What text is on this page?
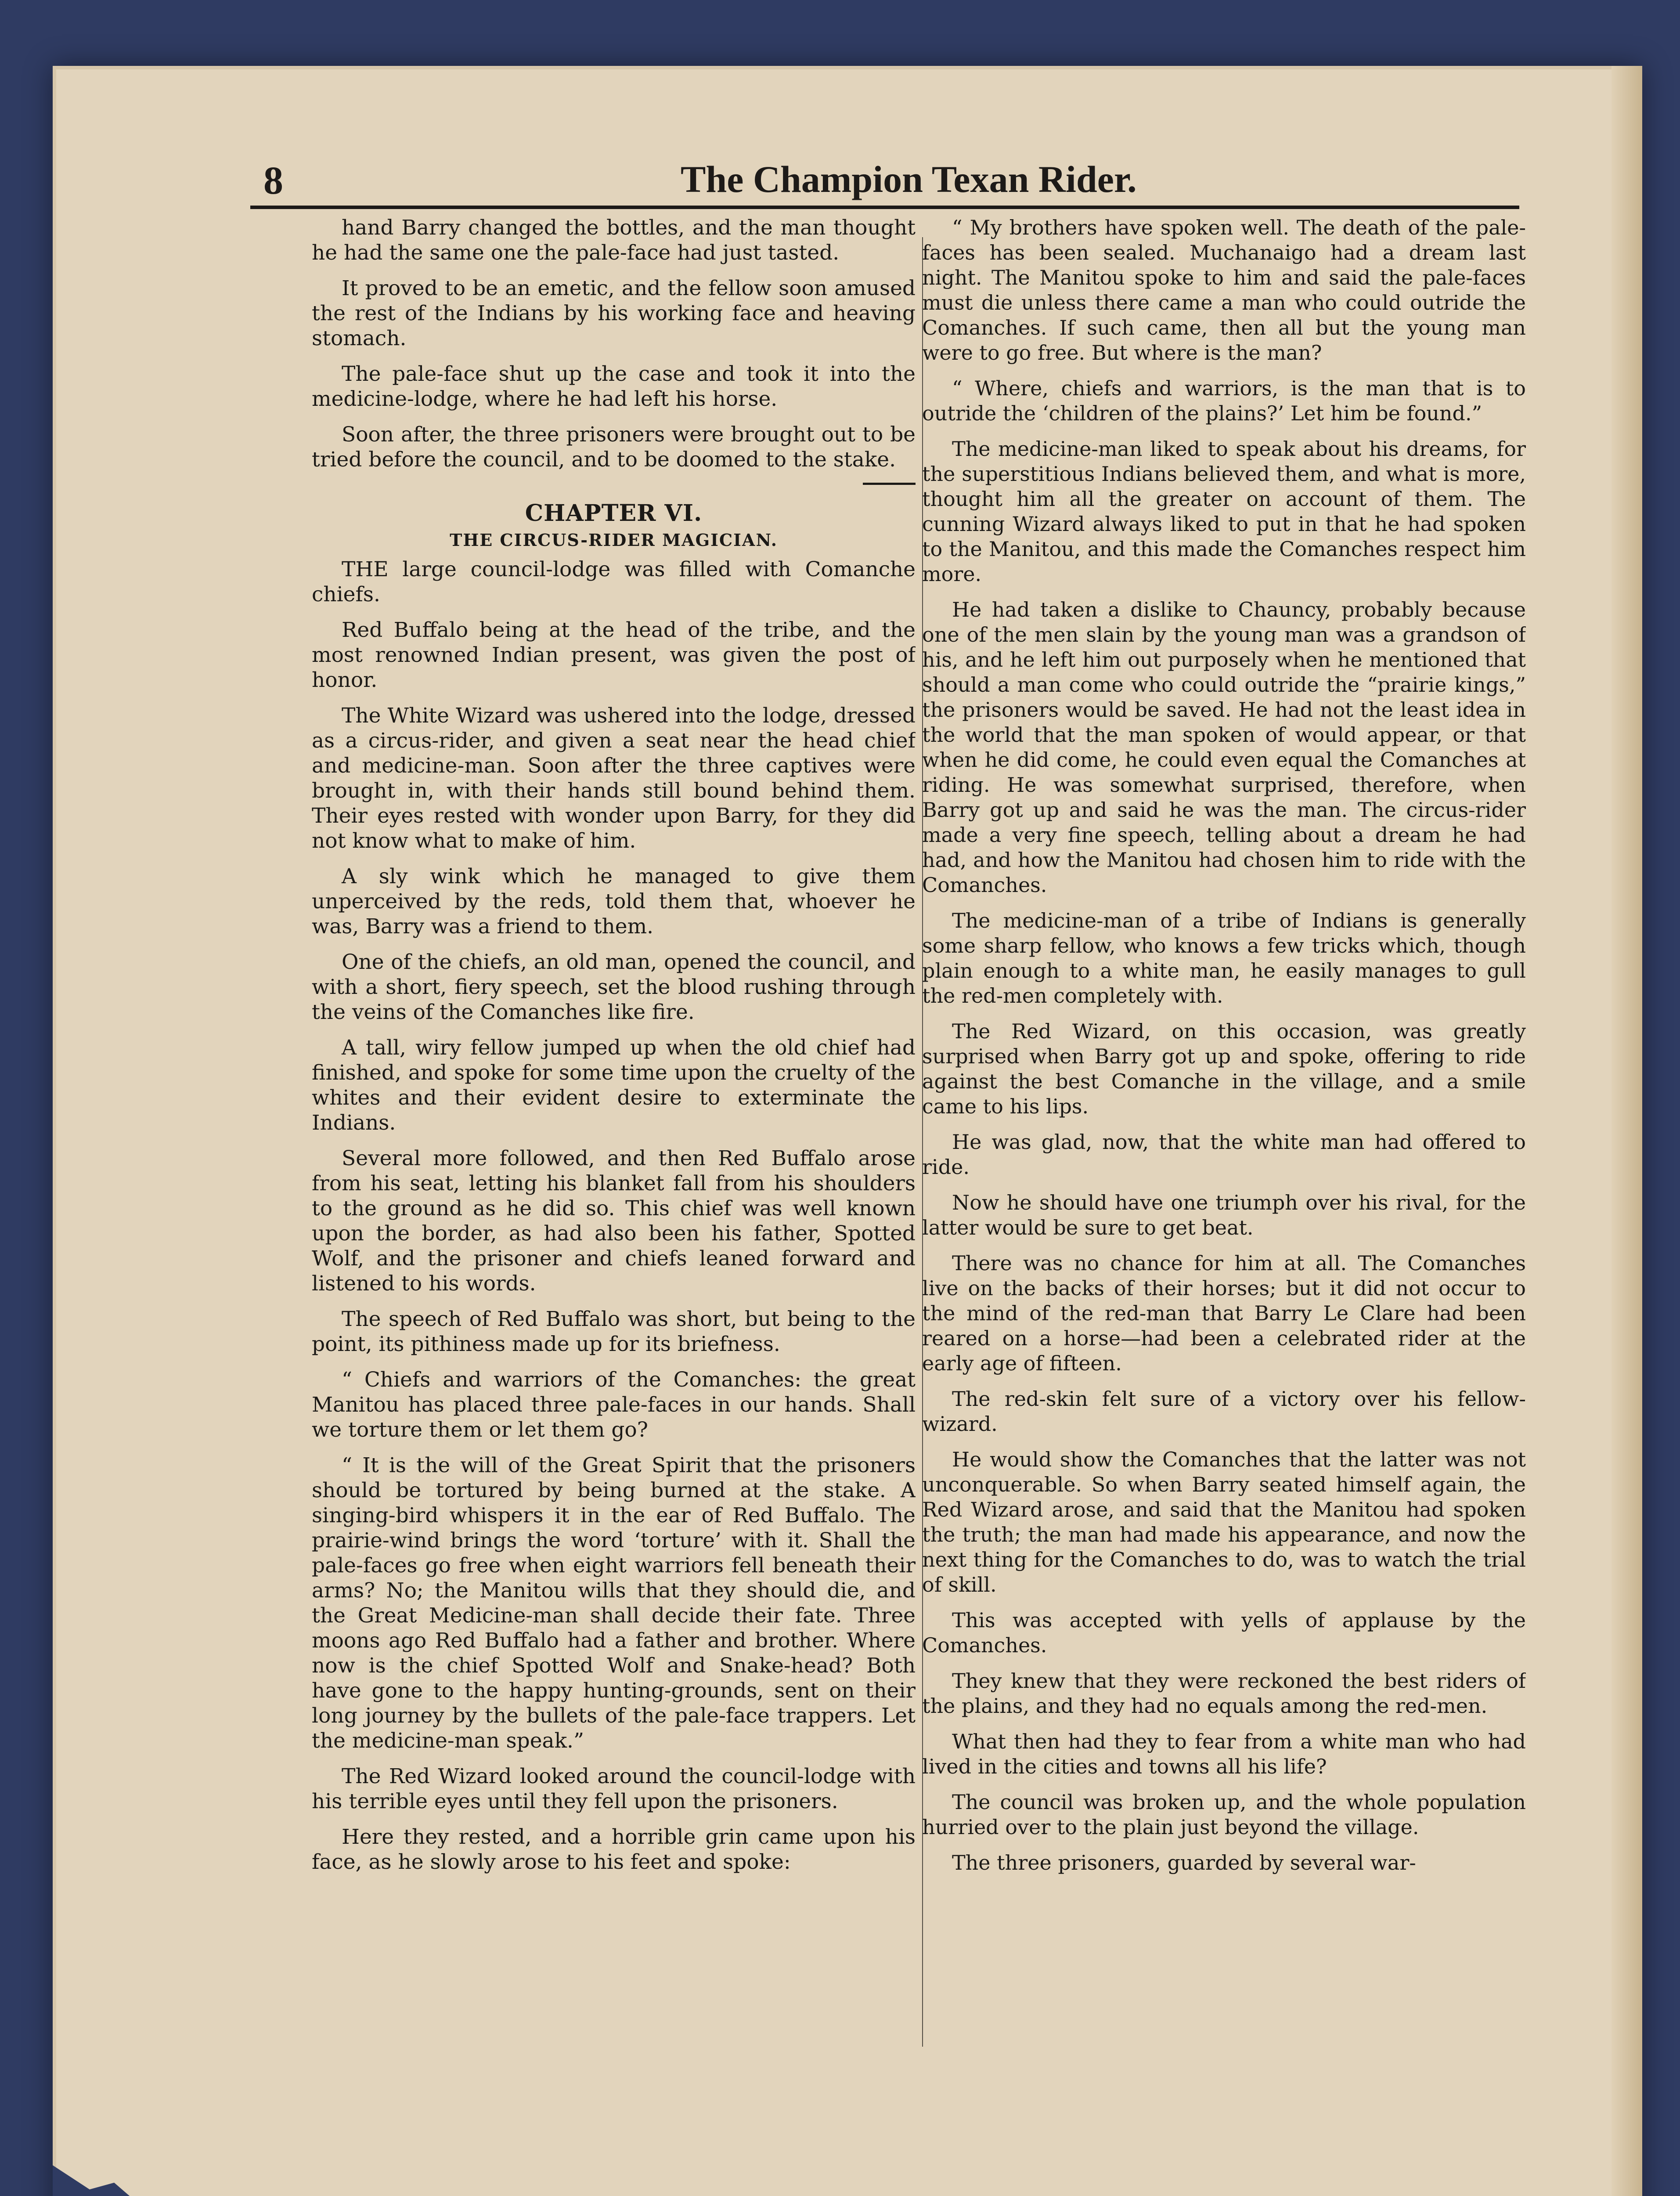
8	The Champion Texan Rider.

hand Barry changed the bottles, and the man thought he had the same one the pale-face had just tasted.

It proved to be an emetic, and the fellow soon amused the rest of the Indians by his working face and heaving stomach.

The pale-face shut up the case and took it into the medicine-lodge, where he had left his horse.

Soon after, the three prisoners were brought out to be tried before the council, and to be doomed to the stake.

CHAPTER VI.
THE CIRCUS-RIDER MAGICIAN.

THE large council-lodge was filled with Comanche chiefs.

Red Buffalo being at the head of the tribe, and the most renowned Indian present, was given the post of honor.

The White Wizard was ushered into the lodge, dressed as a circus-rider, and given a seat near the head chief and medicine-man. Soon after the three captives were brought in, with their hands still bound behind them. Their eyes rested with wonder upon Barry, for they did not know what to make of him.

A sly wink which he managed to give them unperceived by the reds, told them that, whoever he was, Barry was a friend to them.

One of the chiefs, an old man, opened the council, and with a short, fiery speech, set the blood rushing through the veins of the Comanches like fire.

A tall, wiry fellow jumped up when the old chief had finished, and spoke for some time upon the cruelty of the whites and their evident desire to exterminate the Indians.

Several more followed, and then Red Buffalo arose from his seat, letting his blanket fall from his shoulders to the ground as he did so. This chief was well known upon the border, as had also been his father, Spotted Wolf, and the prisoner and chiefs leaned forward and listened to his words.

The speech of Red Buffalo was short, but being to the point, its pithiness made up for its briefness.

“ Chiefs and warriors of the Comanches: the great Manitou has placed three pale-faces in our hands. Shall we torture them or let them go?

“ It is the will of the Great Spirit that the prisoners should be tortured by being burned at the stake. A singing-bird whispers it in the ear of Red Buffalo. The prairie-wind brings the word ‘torture’ with it. Shall the pale-faces go free when eight warriors fell beneath their arms? No; the Manitou wills that they should die, and the Great Medicine-man shall decide their fate. Three moons ago Red Buffalo had a father and brother. Where now is the chief Spotted Wolf and Snake-head? Both have gone to the happy hunting-grounds, sent on their long journey by the bullets of the pale-face trappers. Let the medicine-man speak.”

The Red Wizard looked around the council-lodge with his terrible eyes until they fell upon the prisoners.

Here they rested, and a horrible grin came upon his face, as he slowly arose to his feet and spoke:

“ My brothers have spoken well. The death of the pale-faces has been sealed. Muchanaigo had a dream last night. The Manitou spoke to him and said the pale-faces must die unless there came a man who could outride the Comanches. If such came, then all but the young man were to go free. But where is the man?

“ Where, chiefs and warriors, is the man that is to outride the ‘children of the plains?’ Let him be found.”

The medicine-man liked to speak about his dreams, for the superstitious Indians believed them, and what is more, thought him all the greater on account of them. The cunning Wizard always liked to put in that he had spoken to the Manitou, and this made the Comanches respect him more.

He had taken a dislike to Chauncy, probably because one of the men slain by the young man was a grandson of his, and he left him out purposely when he mentioned that should a man come who could outride the “prairie kings,” the prisoners would be saved. He had not the least idea in the world that the man spoken of would appear, or that when he did come, he could even equal the Comanches at riding. He was somewhat surprised, therefore, when Barry got up and said he was the man. The circus-rider made a very fine speech, telling about a dream he had had, and how the Manitou had chosen him to ride with the Comanches.

The medicine-man of a tribe of Indians is generally some sharp fellow, who knows a few tricks which, though plain enough to a white man, he easily manages to gull the red-men completely with.

The Red Wizard, on this occasion, was greatly surprised when Barry got up and spoke, offering to ride against the best Comanche in the village, and a smile came to his lips.

He was glad, now, that the white man had offered to ride.

Now he should have one triumph over his rival, for the latter would be sure to get beat.

There was no chance for him at all. The Comanches live on the backs of their horses; but it did not occur to the mind of the red-man that Barry Le Clare had been reared on a horse—had been a celebrated rider at the early age of fifteen.

The red-skin felt sure of a victory over his fellow-wizard.

He would show the Comanches that the latter was not unconquerable. So when Barry seated himself again, the Red Wizard arose, and said that the Manitou had spoken the truth; the man had made his appearance, and now the next thing for the Comanches to do, was to watch the trial of skill.

This was accepted with yells of applause by the Comanches.

They knew that they were reckoned the best riders of the plains, and they had no equals among the red-men.

What then had they to fear from a white man who had lived in the cities and towns all his life?

The council was broken up, and the whole population hurried over to the plain just beyond the village.

The three prisoners, guarded by several war-
